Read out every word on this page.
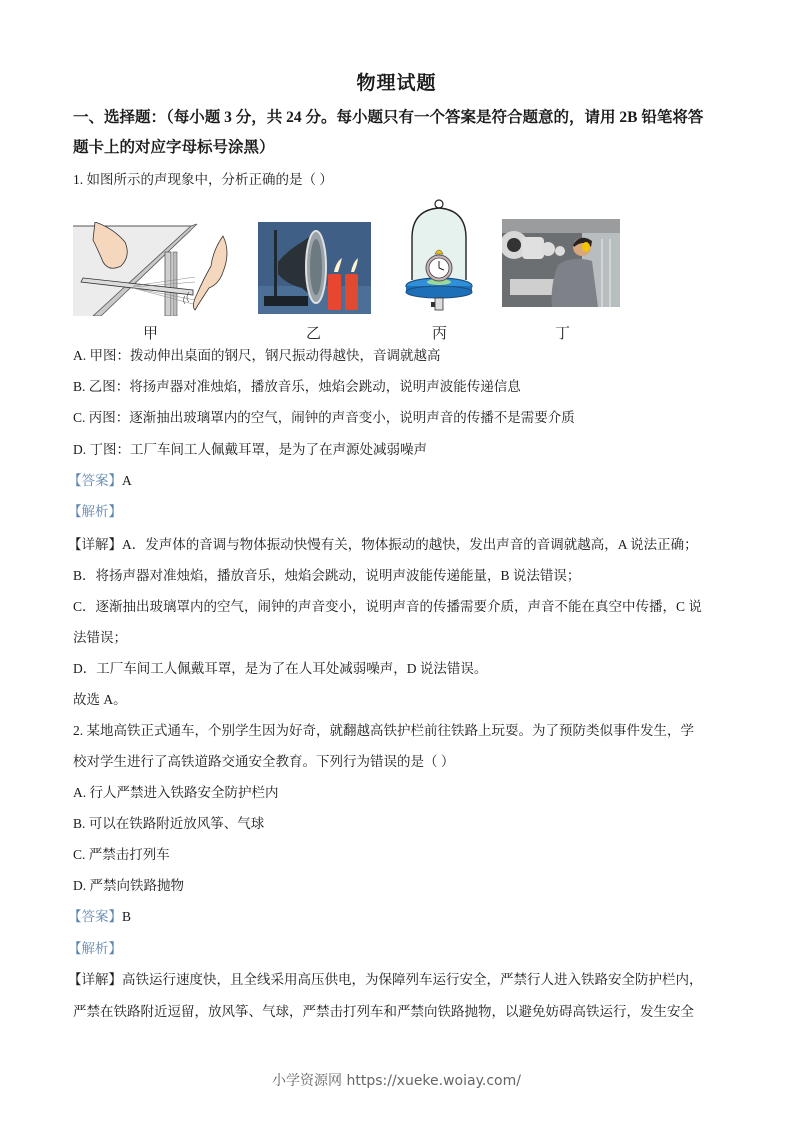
物理试题
一、选择题：（每小题 3 分，共 24 分。每小题只有一个答案是符合题意的，请用 2B 铅笔将答
题卡上的对应字母标号涂黑）
1. 如图所示的声现象中，分析正确的是（ ）
甲	乙	丙	丁
A. 甲图：拨动伸出桌面的钢尺，钢尺振动得越快，音调就越高
B. 乙图：将扬声器对准烛焰，播放音乐，烛焰会跳动，说明声波能传递信息
C. 丙图：逐渐抽出玻璃罩内的空气，闹钟的声音变小，说明声音的传播不是需要介质
D. 丁图：工厂车间工人佩戴耳罩，是为了在声源处减弱噪声
【答案】A
【解析】
【详解】A．发声体的音调与物体振动快慢有关，物体振动的越快，发出声音的音调就越高，A 说法正确；
B．将扬声器对准烛焰，播放音乐，烛焰会跳动，说明声波能传递能量，B 说法错误；
C．逐渐抽出玻璃罩内的空气，闹钟的声音变小，说明声音的传播需要介质，声音不能在真空中传播，C 说
法错误；
D．工厂车间工人佩戴耳罩，是为了在人耳处减弱噪声，D 说法错误。
故选 A。
2. 某地高铁正式通车，个别学生因为好奇，就翻越高铁护栏前往铁路上玩耍。为了预防类似事件发生，学
校对学生进行了高铁道路交通安全教育。下列行为错误的是（ ）
A. 行人严禁进入铁路安全防护栏内
B. 可以在铁路附近放风筝、气球
C. 严禁击打列车
D. 严禁向铁路抛物
【答案】B
【解析】
【详解】高铁运行速度快，且全线采用高压供电，为保障列车运行安全，严禁行人进入铁路安全防护栏内，
严禁在铁路附近逗留，放风筝、气球，严禁击打列车和严禁向铁路抛物，以避免妨碍高铁运行，发生安全
小学资源网 https://xueke.woiay.com/
